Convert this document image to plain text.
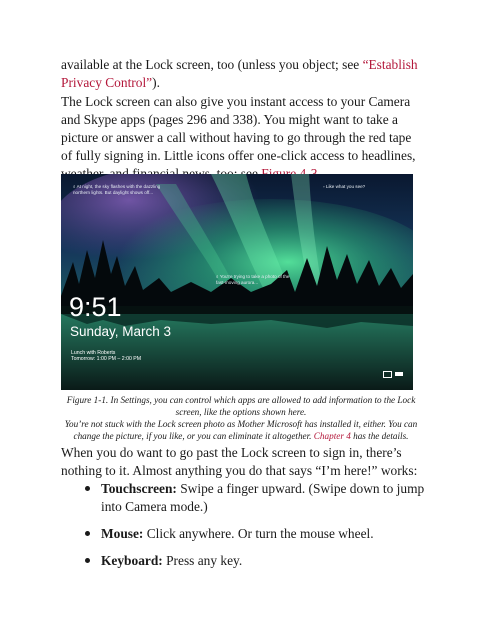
available at the Lock screen, too (unless you object; see “Establish Privacy Control”).

The Lock screen can also give you instant access to your Camera and Skype apps (pages 296 and 338). You might want to take a picture or answer a call without having to go through the red tape of fully signing in. Little icons offer one-click access to headlines,

⌕ At night, the sky flashes with the dazzling northern lights. But daylight shows off...
▫ Like what you see?
⌕ You're trying to take a photo of the fast-moving aurora...
9:51
Sunday, March 3
Lunch with Roberts
Tomorrow: 1:00 PM – 2:00 PM

Figure 1-1. In Settings, you can control which apps are allowed to add information to the Lock screen, like the options shown here.
You’re not stuck with the Lock screen photo as Mother Microsoft has installed it, either. You can change the picture, if you like, or you can eliminate it altogether. Chapter 4 has the details.

When you do want to go past the Lock screen to sign in, there’s nothing to it. Almost anything you do that says “I’m here!” works:

Touchscreen: Swipe a finger upward. (Swipe down to jump into Camera mode.)
Mouse: Click anywhere. Or turn the mouse wheel.
Keyboard: Press any key.
